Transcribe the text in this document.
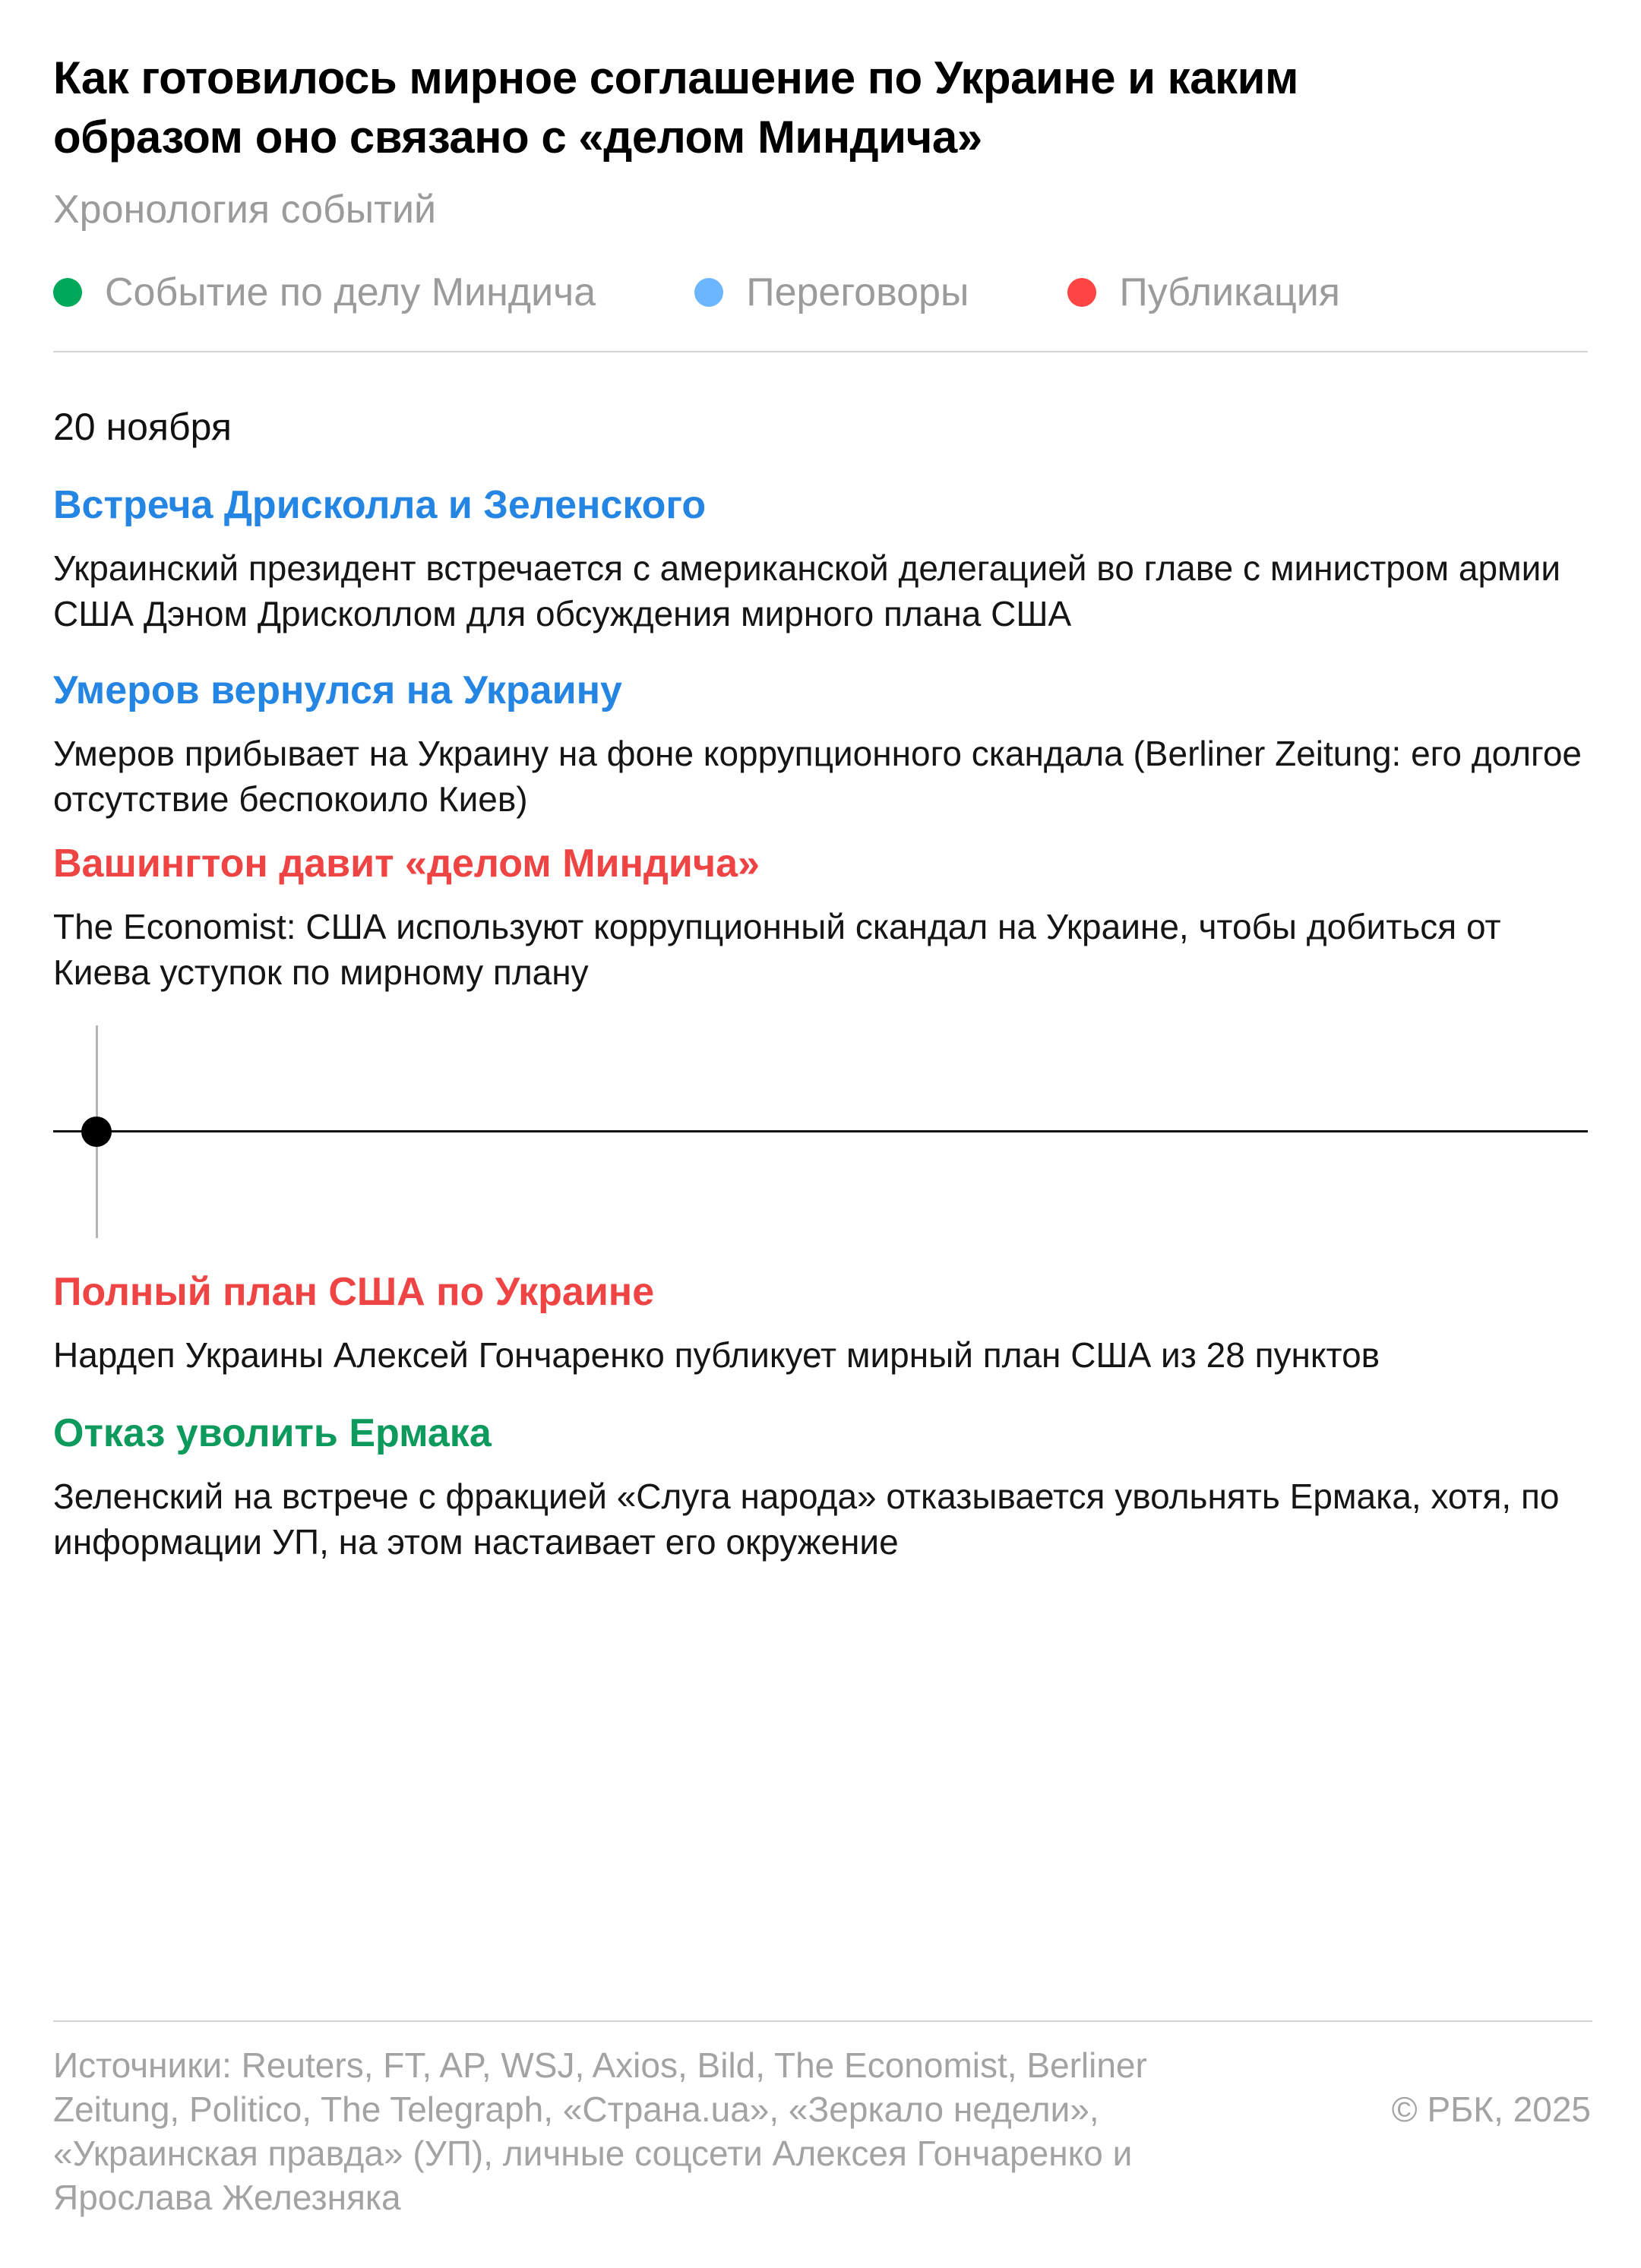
Как готовилось мирное соглашение по Украине и каким образом оно связано с «делом Миндича»
Хронология событий
Событие по делу Миндича	Переговоры	Публикация
20 ноября
Встреча Дрисколла и Зеленского
Украинский президент встречается с американской делегацией во главе с министром армии США Дэном Дрисколлом для обсуждения мирного плана США
Умеров вернулся на Украину
Умеров прибывает на Украину на фоне коррупционного скандала (Berliner Zeitung: его долгое отсутствие беспокоило Киев)
Вашингтон давит «делом Миндича»
The Economist: США используют коррупционный скандал на Украине, чтобы добиться от Киева уступок по мирному плану
Полный план США по Украине
Нардеп Украины Алексей Гончаренко публикует мирный план США из 28 пунктов
Отказ уволить Ермака
Зеленский на встрече с фракцией «Слуга народа» отказывается увольнять Ермака, хотя, по информации УП, на этом настаивает его окружение
Источники: Reuters, FT, AP, WSJ, Axios, Bild, The Economist, Berliner Zeitung, Politico, The Telegraph, «Страна.ua», «Зеркало недели», «Украинская правда» (УП), личные соцсети Алексея Гончаренко и Ярослава Железняка
© РБК, 2025
